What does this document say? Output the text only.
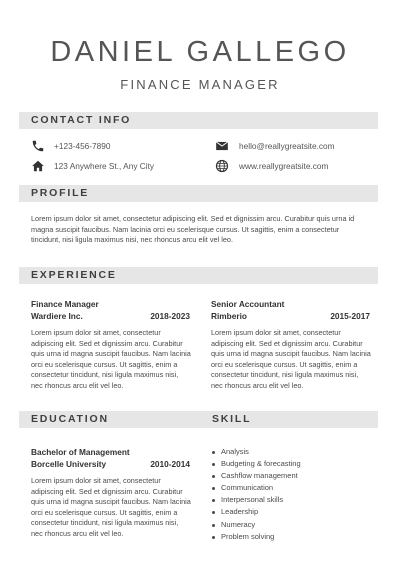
DANIEL GALLEGO
FINANCE MANAGER
CONTACT INFO
+123-456-7890	hello@reallygreatsite.com
123 Anywhere St., Any City	www.reallygreatsite.com
PROFILE
Lorem ipsum dolor sit amet, consectetur adipiscing elit. Sed et dignissim arcu. Curabitur quis urna id
magna suscipit faucibus. Nam lacinia orci eu scelerisque cursus. Ut sagittis, enim a consectetur
tincidunt, nisi ligula maximus nisi, nec rhoncus arcu elit vel leo.
EXPERIENCE
Finance Manager
Wardiere Inc.	2018-2023
Lorem ipsum dolor sit amet, consectetur
adipiscing elit. Sed et dignissim arcu. Curabitur
quis urna id magna suscipit faucibus. Nam lacinia
orci eu scelerisque cursus. Ut sagittis, enim a
consectetur tincidunt, nisi ligula maximus nisi,
nec rhoncus arcu elit vel leo.
Senior Accountant
Rimberio	2015-2017
Lorem ipsum dolor sit amet, consectetur
adipiscing elit. Sed et dignissim arcu. Curabitur
quis urna id magna suscipit faucibus. Nam lacinia
orci eu scelerisque cursus. Ut sagittis, enim a
consectetur tincidunt, nisi ligula maximus nisi,
nec rhoncus arcu elit vel leo.
EDUCATION
Bachelor of Management
Borcelle University	2010-2014
Lorem ipsum dolor sit amet, consectetur
adipiscing elit. Sed et dignissim arcu. Curabitur
quis urna id magna suscipit faucibus. Nam lacinia
orci eu scelerisque cursus. Ut sagittis, enim a
consectetur tincidunt, nisi ligula maximus nisi,
nec rhoncus arcu elit vel leo.
SKILL
Analysis
Budgeting & forecasting
Cashflow management
Communication
Interpersonal skills
Leadership
Numeracy
Problem solving
